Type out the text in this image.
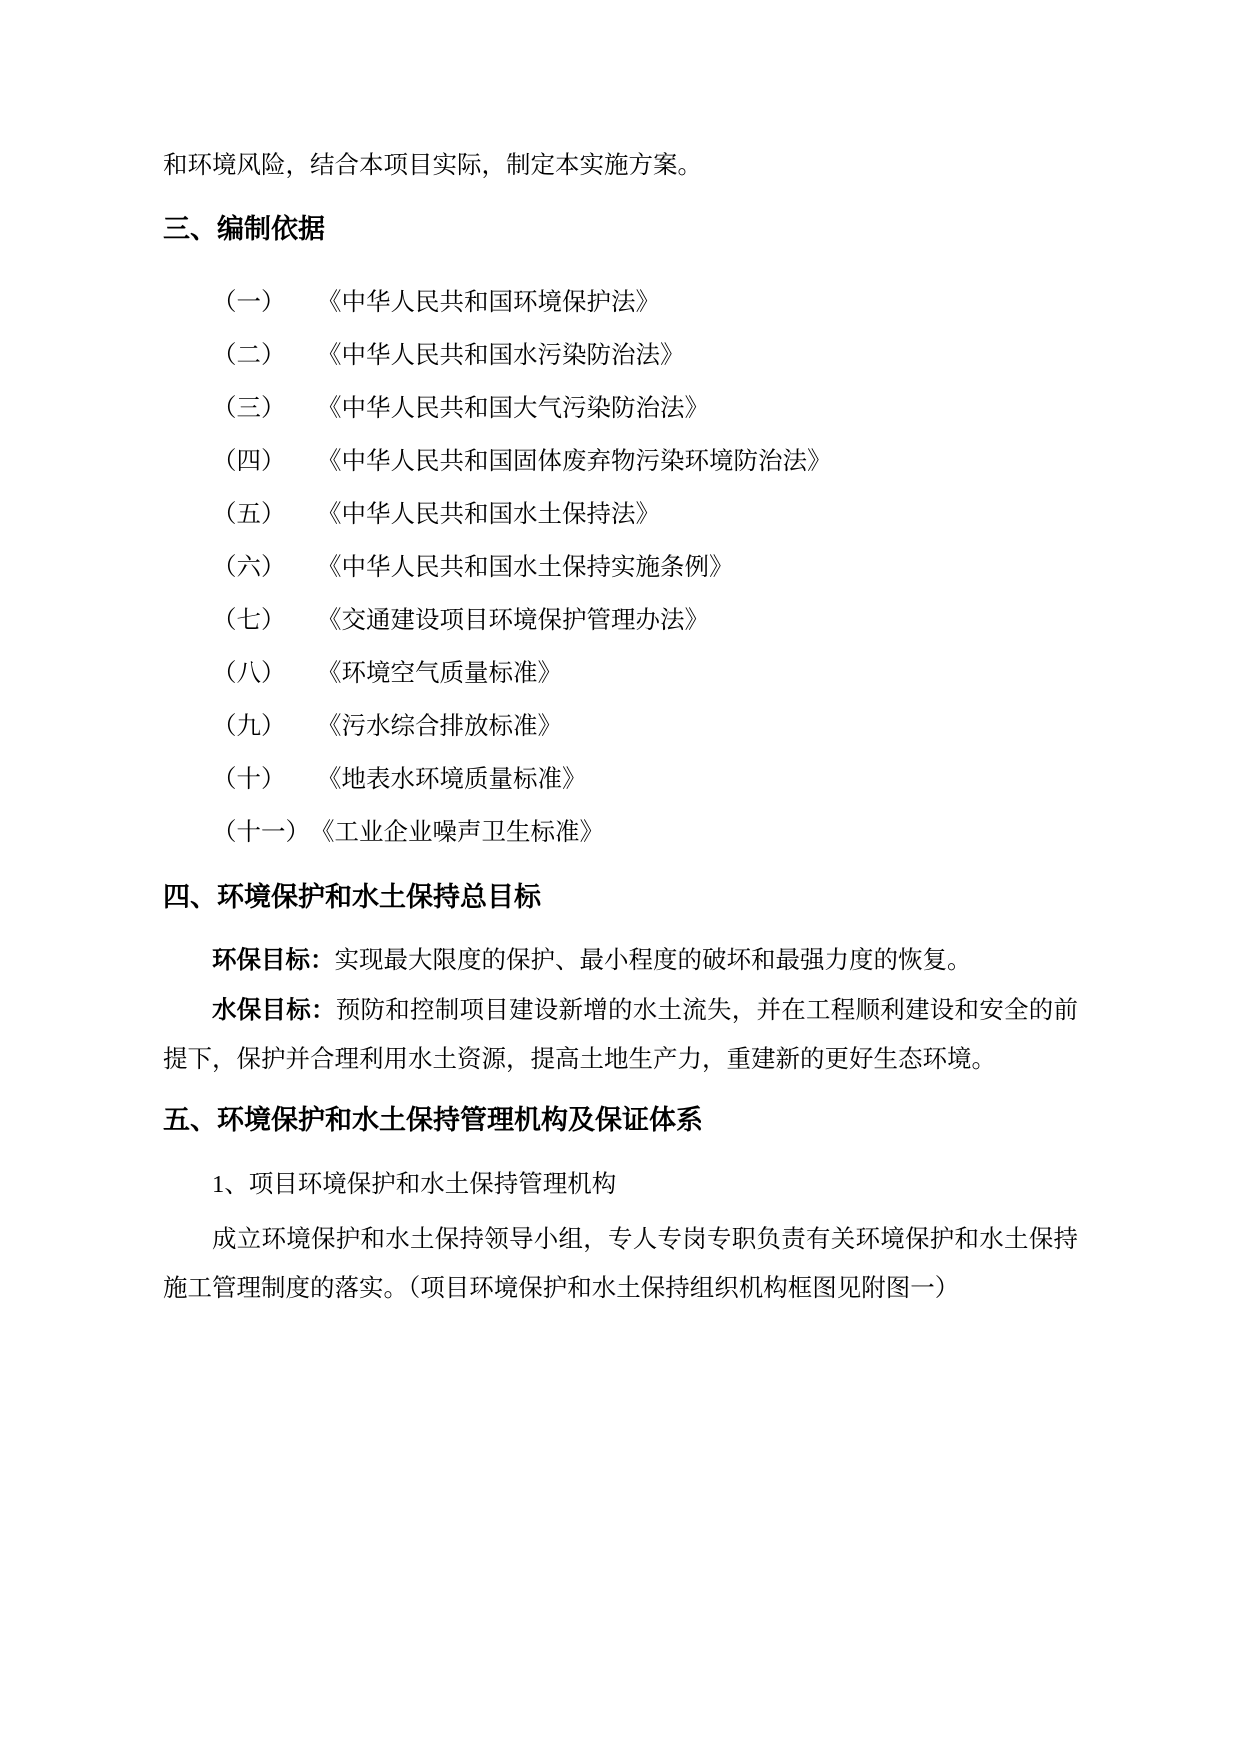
和环境风险，结合本项目实际，制定本实施方案。

三、编制依据
（一） 《中华人民共和国环境保护法》
（二） 《中华人民共和国水污染防治法》
（三） 《中华人民共和国大气污染防治法》
（四） 《中华人民共和国固体废弃物污染环境防治法》
（五） 《中华人民共和国水土保持法》
（六） 《中华人民共和国水土保持实施条例》
（七） 《交通建设项目环境保护管理办法》
（八） 《环境空气质量标准》
（九） 《污水综合排放标准》
（十） 《地表水环境质量标准》
（十一）《工业企业噪声卫生标准》
四、环境保护和水土保持总目标

环保目标：实现最大限度的保护、最小程度的破坏和最强力度的恢复。

水保目标：预防和控制项目建设新增的水土流失，并在工程顺利建设和安全的前提下，保护并合理利用水土资源，提高土地生产力，重建新的更好生态环境。

五、环境保护和水土保持管理机构及保证体系

1、项目环境保护和水土保持管理机构

成立环境保护和水土保持领导小组，专人专岗专职负责有关环境保护和水土保持施工管理制度的落实。（项目环境保护和水土保持组织机构框图见附图一）
